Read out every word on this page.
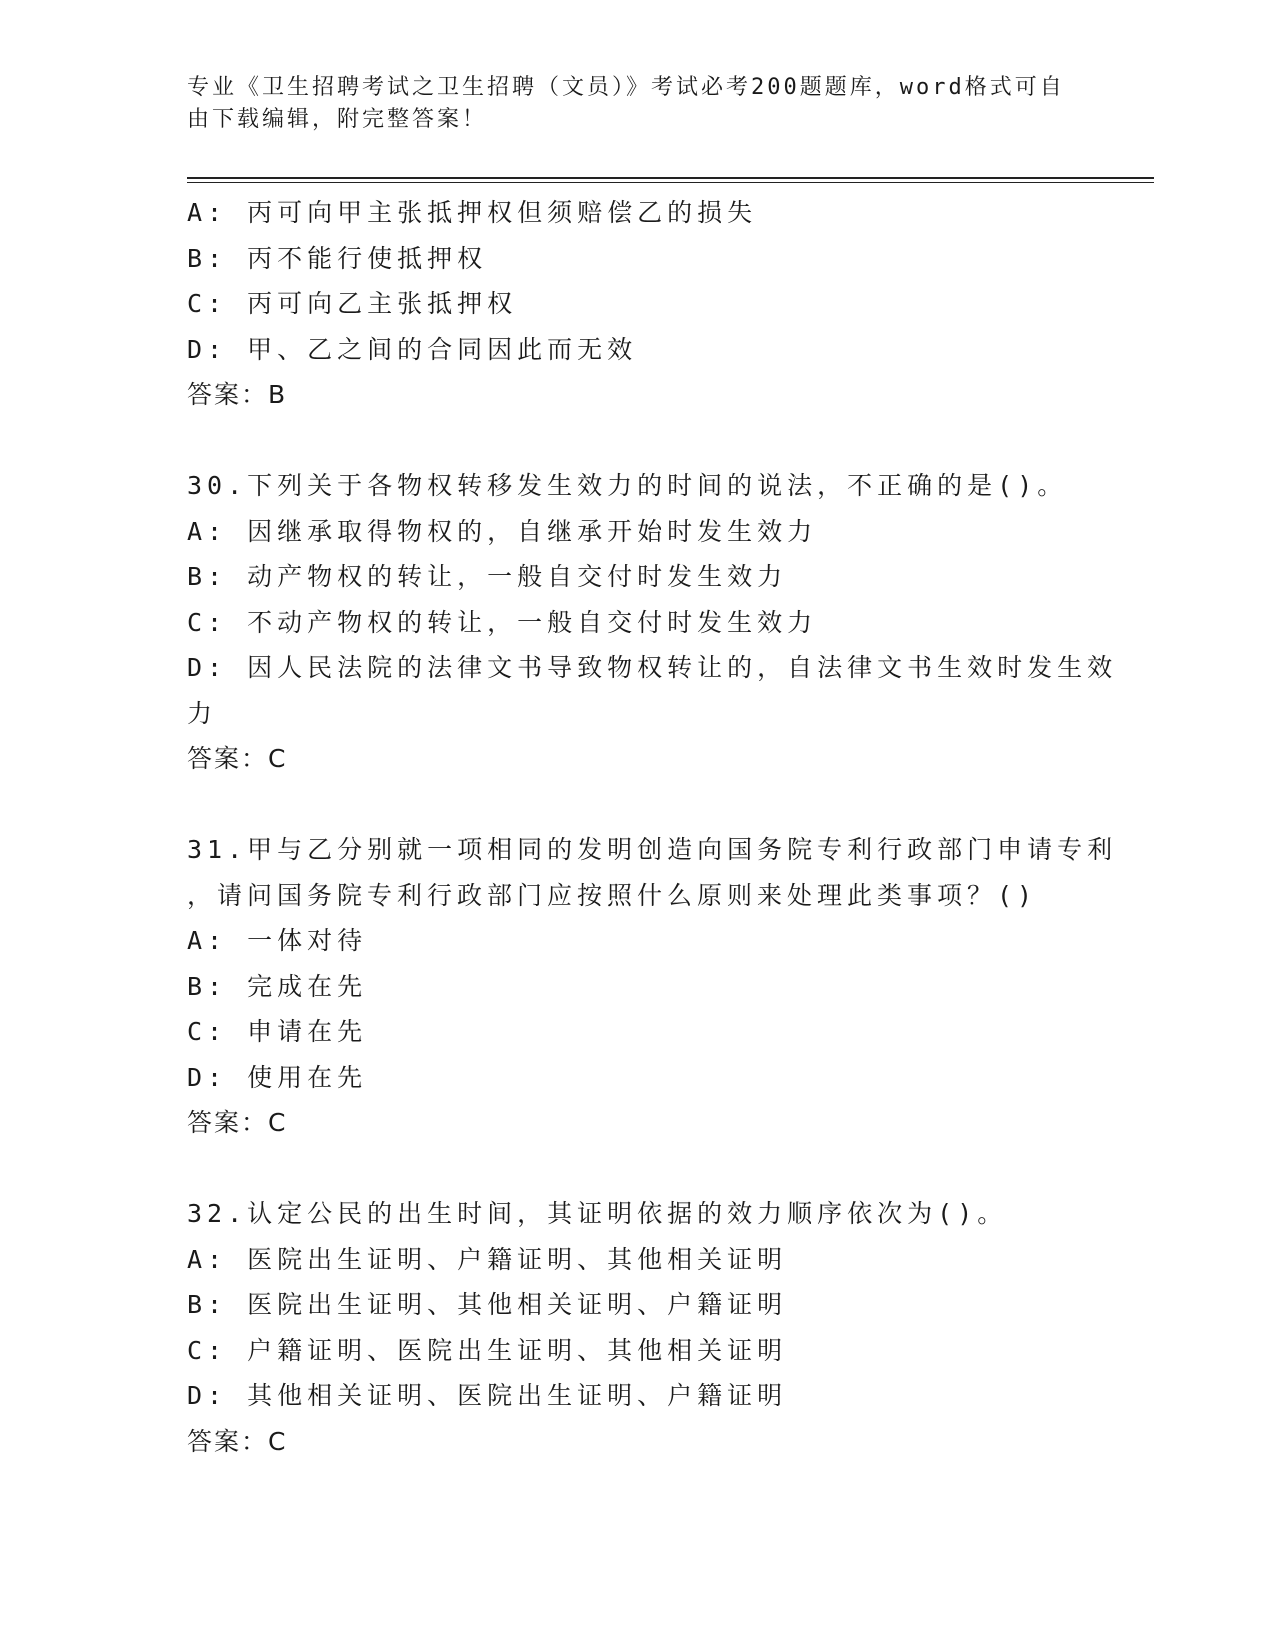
专业《卫生招聘考试之卫生招聘（文员）》考试必考200题题库，word格式可自
由下载编辑，附完整答案！
A: 丙可向甲主张抵押权但须赔偿乙的损失
B: 丙不能行使抵押权
C: 丙可向乙主张抵押权
D: 甲、乙之间的合同因此而无效
答案：B
30.下列关于各物权转移发生效力的时间的说法，不正确的是()。
A: 因继承取得物权的，自继承开始时发生效力
B: 动产物权的转让，一般自交付时发生效力
C: 不动产物权的转让，一般自交付时发生效力
D: 因人民法院的法律文书导致物权转让的，自法律文书生效时发生效
力
答案：C
31.甲与乙分别就一项相同的发明创造向国务院专利行政部门申请专利
，请问国务院专利行政部门应按照什么原则来处理此类事项？()
A: 一体对待
B: 完成在先
C: 申请在先
D: 使用在先
答案：C
32.认定公民的出生时间，其证明依据的效力顺序依次为()。
A: 医院出生证明、户籍证明、其他相关证明
B: 医院出生证明、其他相关证明、户籍证明
C: 户籍证明、医院出生证明、其他相关证明
D: 其他相关证明、医院出生证明、户籍证明
答案：C
